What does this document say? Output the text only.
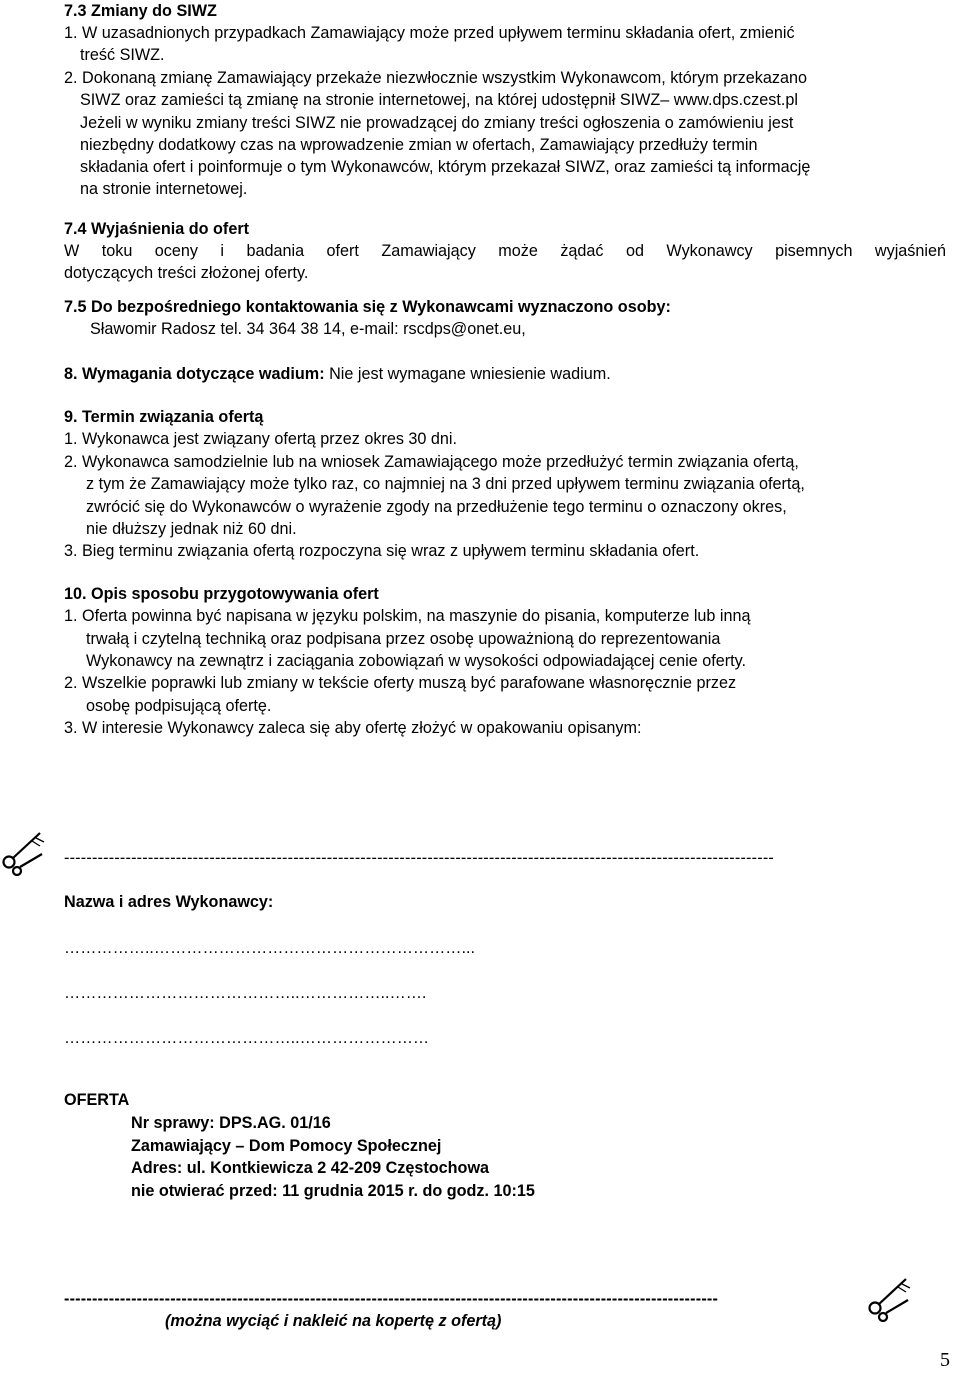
7.3 Zmiany do SIWZ
1. W uzasadnionych przypadkach Zamawiający może przed upływem terminu składania ofert, zmienić
treść SIWZ.
2. Dokonaną zmianę Zamawiający przekaże niezwłocznie wszystkim Wykonawcom, którym przekazano
SIWZ oraz zamieści tą zmianę na stronie internetowej, na której udostępnił SIWZ– www.dps.czest.pl
Jeżeli w wyniku zmiany treści SIWZ nie prowadzącej do zmiany treści ogłoszenia o zamówieniu jest
niezbędny dodatkowy czas na wprowadzenie zmian w ofertach, Zamawiający przedłuży termin
składania ofert i poinformuje o tym Wykonawców, którym przekazał SIWZ, oraz zamieści tą informację
na stronie internetowej.
7.4 Wyjaśnienia do ofert
W toku oceny i badania ofert Zamawiający może żądać od Wykonawcy pisemnych wyjaśnień
dotyczących treści złożonej oferty.
7.5 Do bezpośredniego kontaktowania się z Wykonawcami wyznaczono osoby:
Sławomir Radosz tel. 34 364 38 14, e-mail: rscdps@onet.eu,
8. Wymagania dotyczące wadium: Nie jest wymagane wniesienie wadium.
9. Termin związania ofertą
1. Wykonawca jest związany ofertą przez okres 30 dni.
2. Wykonawca samodzielnie lub na wniosek Zamawiającego może przedłużyć termin związania ofertą,
z tym że Zamawiający może tylko raz, co najmniej na 3 dni przed upływem terminu związania ofertą,
zwrócić się do Wykonawców o wyrażenie zgody na przedłużenie tego terminu o oznaczony okres,
nie dłuższy jednak niż 60 dni.
3. Bieg terminu związania ofertą rozpoczyna się wraz z upływem terminu składania ofert.
10. Opis sposobu przygotowywania ofert
1. Oferta powinna być napisana w języku polskim, na maszynie do pisania, komputerze lub inną
trwałą i czytelną techniką oraz podpisana przez osobę upoważnioną do reprezentowania
Wykonawcy na zewnątrz i zaciągania zobowiązań w wysokości odpowiadającej cenie oferty.
2. Wszelkie poprawki lub zmiany w tekście oferty muszą być parafowane własnoręcznie przez
osobę podpisującą ofertę.
3. W interesie Wykonawcy zaleca się aby ofertę złożyć w opakowaniu opisanym:
-------------------------------------------------------------------------------------------------------------------------------
Nazwa i adres Wykonawcy:
……………..…………………………………………………...
……………………………………..……………..…….
……………………………………..……………………
OFERTA
Nr sprawy: DPS.AG. 01/16
Zamawiający – Dom Pomocy Społecznej
Adres: ul. Kontkiewicza 2 42-209 Częstochowa
nie otwierać przed: 11 grudnia 2015 r. do godz. 10:15
---------------------------------------------------------------------------------------------------------------------
(można wyciąć i nakleić na kopertę z ofertą)
5
